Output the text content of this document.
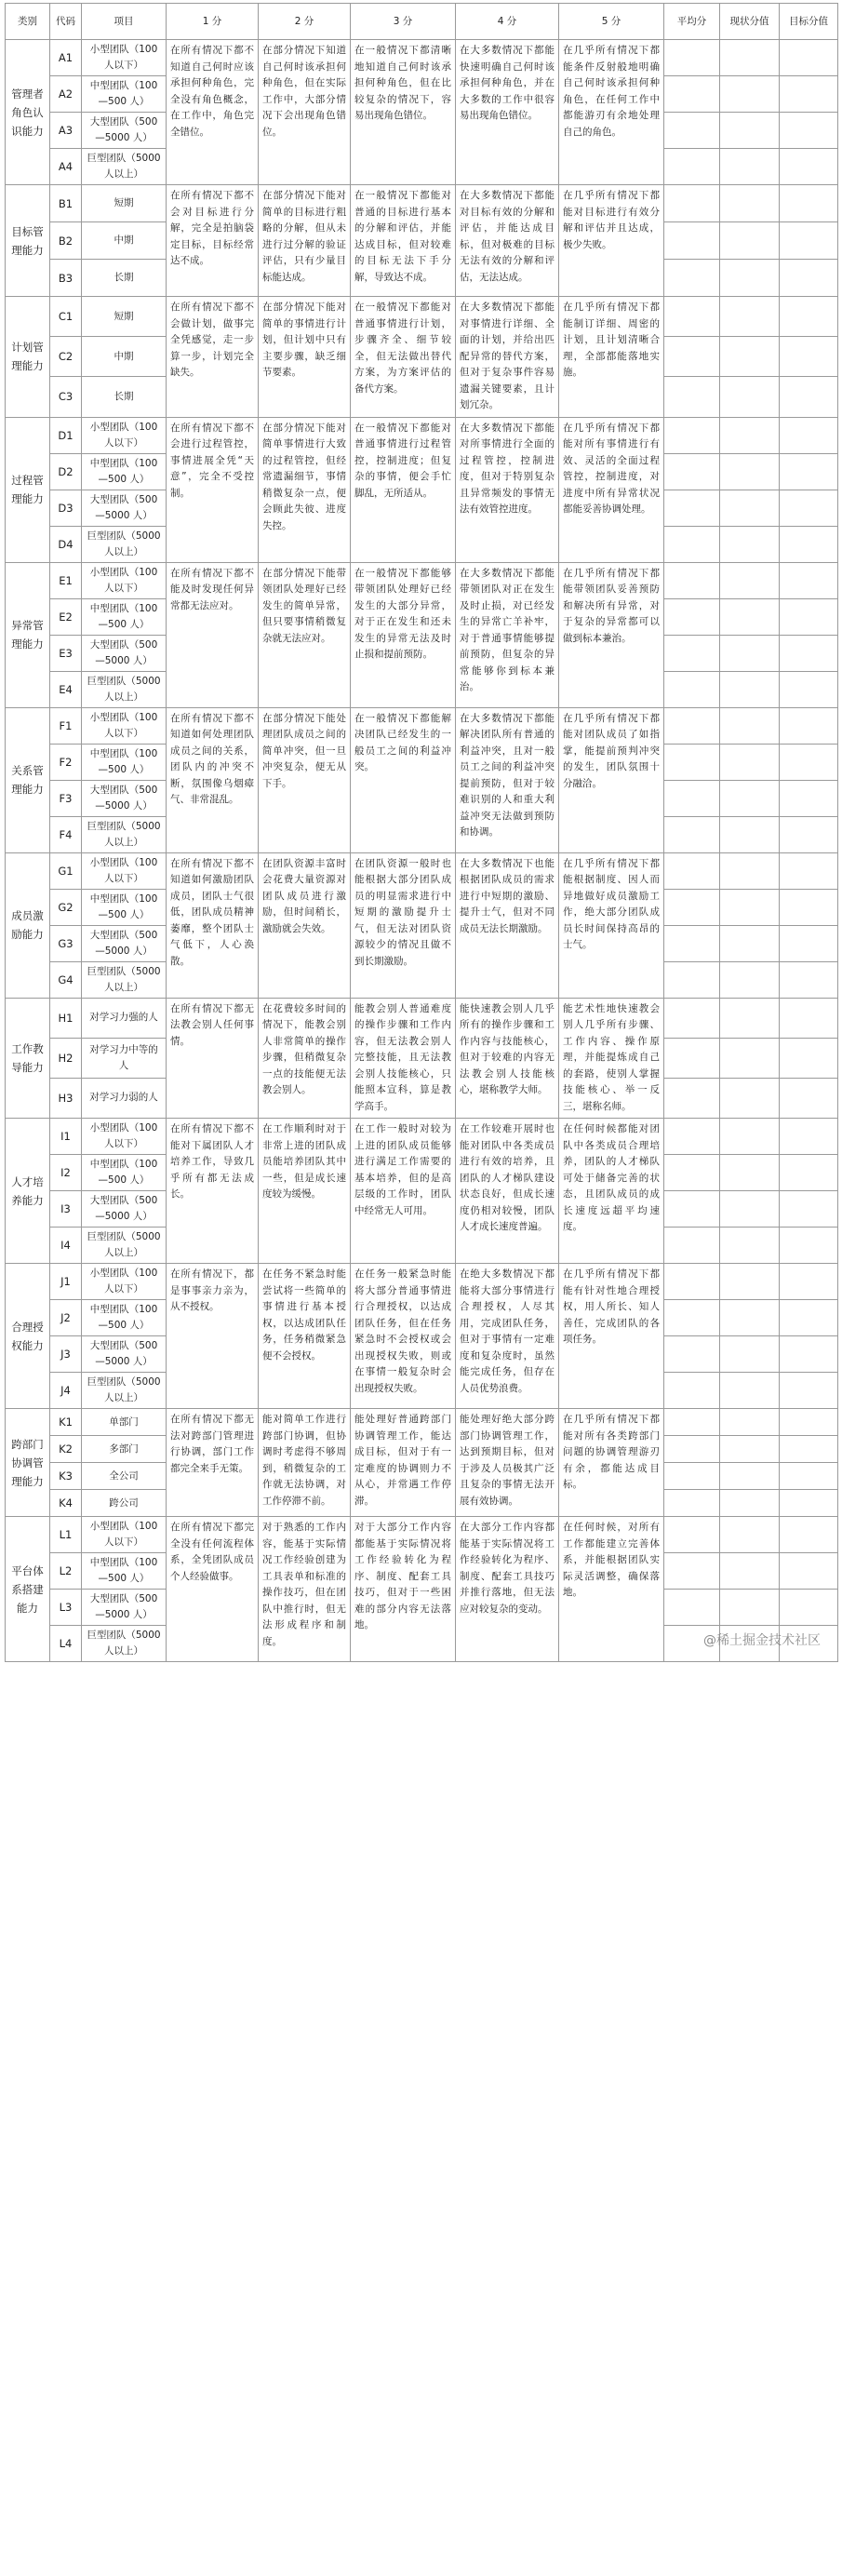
类别	代码	项目	1 分	2 分	3 分	4 分	5 分	平均分	现状分值	目标分值
管理者角色认识能力	A1	小型团队（100 人以下）	在所有情况下都不知道自己何时应该承担何种角色，完全没有角色概念，在工作中，角色完全错位。	在部分情况下知道自己何时该承担何种角色，但在实际工作中，大部分情况下会出现角色错位。	在一般情况下都清晰地知道自己何时该承担何种角色，但在比较复杂的情况下，容易出现角色错位。	在大多数情况下都能快速明确自己何时该承担何种角色，并在大多数的工作中很容易出现角色错位。	在几乎所有情况下都能条件反射般地明确自己何时该承担何种角色，在任何工作中都能游刃有余地处理自己的角色。			
	A2	中型团队（100—500 人）								
	A3	大型团队（500—5000 人）								
	A4	巨型团队（5000 人以上）								
目标管理能力	B1	短期	在所有情况下都不会对目标进行分解，完全是拍脑袋定目标，目标经常达不成。	在部分情况下能对简单的目标进行粗略的分解，但从未进行过分解的验证评估，只有少量目标能达成。	在一般情况下都能对普通的目标进行基本的分解和评估，并能达成目标，但对较难的目标无法下手分解，导致达不成。	在大多数情况下都能对目标有效的分解和评估，并能达成目标，但对极难的目标无法有效的分解和评估，无法达成。	在几乎所有情况下都能对目标进行有效分解和评估并且达成，极少失败。			
	B2	中期								
	B3	长期								
计划管理能力	C1	短期	在所有情况下都不会做计划，做事完全凭感觉，走一步算一步，计划完全缺失。	在部分情况下能对简单的事情进行计划，但计划中只有主要步骤，缺乏细节要素。	在一般情况下都能对普通事情进行计划，步骤齐全、细节较全，但无法做出替代方案，为方案评估的备代方案。	在大多数情况下都能对事情进行详细、全面的计划，并给出匹配异常的替代方案，但对于复杂事件容易遗漏关键要素，且计划冗杂。	在几乎所有情况下都能制订详细、周密的计划，且计划清晰合理，全部都能落地实施。			
	C2	中期								
	C3	长期								
过程管理能力	D1	小型团队（100 人以下）	在所有情况下都不会进行过程管控，事情进展全凭“天意”，完全不受控制。	在部分情况下能对简单事情进行大致的过程管控，但经常遗漏细节，事情稍微复杂一点，便会顾此失彼、进度失控。	在一般情况下都能对普通事情进行过程管控，控制进度；但复杂的事情，便会手忙脚乱，无所适从。	在大多数情况下都能对所事情进行全面的过程管控，控制进度，但对于特别复杂且异常频发的事情无法有效管控进度。	在几乎所有情况下都能对所有事情进行有效、灵活的全面过程管控，控制进度，对进度中所有异常状况都能妥善协调处理。			
	D2	中型团队（100—500 人）								
	D3	大型团队（500—5000 人）								
	D4	巨型团队（5000 人以上）								
异常管理能力	E1	小型团队（100 人以下）	在所有情况下都不能及时发现任何异常都无法应对。	在部分情况下能带领团队处理好已经发生的简单异常，但只要事情稍微复杂就无法应对。	在一般情况下都能够带领团队处理好已经发生的大部分异常，对于正在发生和还未发生的异常无法及时止损和提前预防。	在大多数情况下都能带领团队对正在发生及时止损，对已经发生的异常亡羊补牢，对于普通事情能够提前预防，但复杂的异常能够你到标本兼治。	在几乎所有情况下都能带领团队妥善预防和解决所有异常，对于复杂的异常都可以做到标本兼治。			
	E2	中型团队（100—500 人）								
	E3	大型团队（500—5000 人）								
	E4	巨型团队（5000 人以上）								
关系管理能力	F1	小型团队（100 人以下）	在所有情况下都不知道如何处理团队成员之间的关系，团队内的冲突不断，氛围像乌烟瘴气、非常混乱。	在部分情况下能处理团队成员之间的简单冲突，但一旦冲突复杂，便无从下手。	在一般情况下都能解决团队已经发生的一般员工之间的利益冲突。	在大多数情况下都能解决团队所有普通的利益冲突，且对一般员工之间的利益冲突提前预防，但对于较难识别的人和重大利益冲突无法做到预防和协调。	在几乎所有情况下都能对团队成员了如指掌，能提前预判冲突的发生，团队氛围十分融洽。			
	F2	中型团队（100—500 人）								
	F3	大型团队（500—5000 人）								
	F4	巨型团队（5000 人以上）								
成员激励能力	G1	小型团队（100 人以下）	在所有情况下都不知道如何激励团队成员，团队士气很低，团队成员精神萎靡，整个团队士气低下，人心涣散。	在团队资源丰富时会花费大量资源对团队成员进行激励，但时间稍长，激励就会失效。	在团队资源一般时也能根据大部分团队成员的明显需求进行中短期的激励提升士气，但无法对团队资源较少的情况且做不到长期激励。	在大多数情况下也能根据团队成员的需求进行中短期的激励、提升士气，但对不同成员无法长期激励。	在几乎所有情况下都能根据制度、因人而异地做好成员激励工作，绝大部分团队成员长时间保持高昂的士气。			
	G2	中型团队（100—500 人）								
	G3	大型团队（500—5000 人）								
	G4	巨型团队（5000 人以上）								
工作教导能力	H1	对学习力强的人	在所有情况下都无法教会别人任何事情。	在花费较多时间的情况下，能教会别人非常简单的操作步骤，但稍微复杂一点的技能便无法教会别人。	能教会别人普通难度的操作步骤和工作内容，但无法教会别人完整技能，且无法教会别人技能核心，只能照本宣科，算是教学高手。	能快速教会别人几乎所有的操作步骤和工作内容与技能核心，但对于较难的内容无法教会别人技能核心，堪称教学大师。	能艺术性地快速教会别人几乎所有步骤、工作内容、操作原理，并能提炼成自己的套路，使别人掌握技能核心、举一反三，堪称名师。			
	H2	对学习力中等的人								
	H3	对学习力弱的人								
人才培养能力	I1	小型团队（100 人以下）	在所有情况下都不能对下属团队人才培养工作，导致几乎所有都无法成长。	在工作顺利时对于非常上进的团队成员能培养团队其中一些，但是成长速度较为缓慢。	在工作一般时对较为上进的团队成员能够进行满足工作需要的基本培养，但的是高层级的工作时，团队中经常无人可用。	在工作较难开展时也能对团队中各类成员进行有效的培养，且团队的人才梯队建设状态良好，但成长速度仍相对较慢，团队人才成长速度普遍。	在任何时候都能对团队中各类成员合理培养，团队的人才梯队可处于储备完善的状态，且团队成员的成长速度远超平均速度。			
	I2	中型团队（100—500 人）								
	I3	大型团队（500—5000 人）								
	I4	巨型团队（5000 人以上）								
合理授权能力	J1	小型团队（100 人以下）	在所有情况下，都是事事亲力亲为，从不授权。	在任务不紧急时能尝试将一些简单的事情进行基本授权，以达成团队任务，任务稍微紧急便不会授权。	在任务一般紧急时能将大部分普通事情进行合理授权，以达成团队任务，但在任务紧急时不会授权或会出现授权失败，则或在事情一般复杂时会出现授权失败。	在绝大多数情况下都能将大部分事情进行合理授权，人尽其用，完成团队任务，但对于事情有一定难度和复杂度时，虽然能完成任务，但存在人员优势浪费。	在几乎所有情况下都能有针对性地合理授权，用人所长、知人善任，完成团队的各项任务。			
	J2	中型团队（100—500 人）								
	J3	大型团队（500—5000 人）								
	J4	巨型团队（5000 人以上）								
跨部门协调管理能力	K1	单部门	在所有情况下都无法对跨部门管理进行协调，部门工作都完全来手无策。	能对简单工作进行跨部门协调，但协调时考虑得不够周到，稍微复杂的工作就无法协调，对工作停滞不前。	能处理好普通跨部门协调管理工作，能达成目标，但对于有一定难度的协调则力不从心，并常遇工作停滞。	能处理好绝大部分跨部门协调管理工作，达到预期目标，但对于涉及人员极其广泛且复杂的事情无法开展有效协调。	在几乎所有情况下都能对所有各类跨部门问题的协调管理游刃有余，都能达成目标。			
	K2	多部门								
	K3	全公司								
	K4	跨公司								
平台体系搭建能力	L1	小型团队（100 人以下）	在所有情况下都完全没有任何流程体系，全凭团队成员个人经验做事。	对于熟悉的工作内容，能基于实际情况工作经验创建为工具表单和标准的操作技巧，但在团队中推行时，但无法形成程序和制度。	对于大部分工作内容都能基于实际情况将工作经验转化为程序、制度、配套工具技巧，但对于一些困难的部分内容无法落地。	在大部分工作内容都能基于实际情况将工作经验转化为程序、制度、配套工具技巧并推行落地，但无法应对较复杂的变动。	在任何时候，对所有工作都能建立完善体系，并能根据团队实际灵活调整，确保落地。			
	L2	中型团队（100—500 人）								
	L3	大型团队（500—5000 人）								
	L4	巨型团队（5000 人以上）								
@稀土掘金技术社区
